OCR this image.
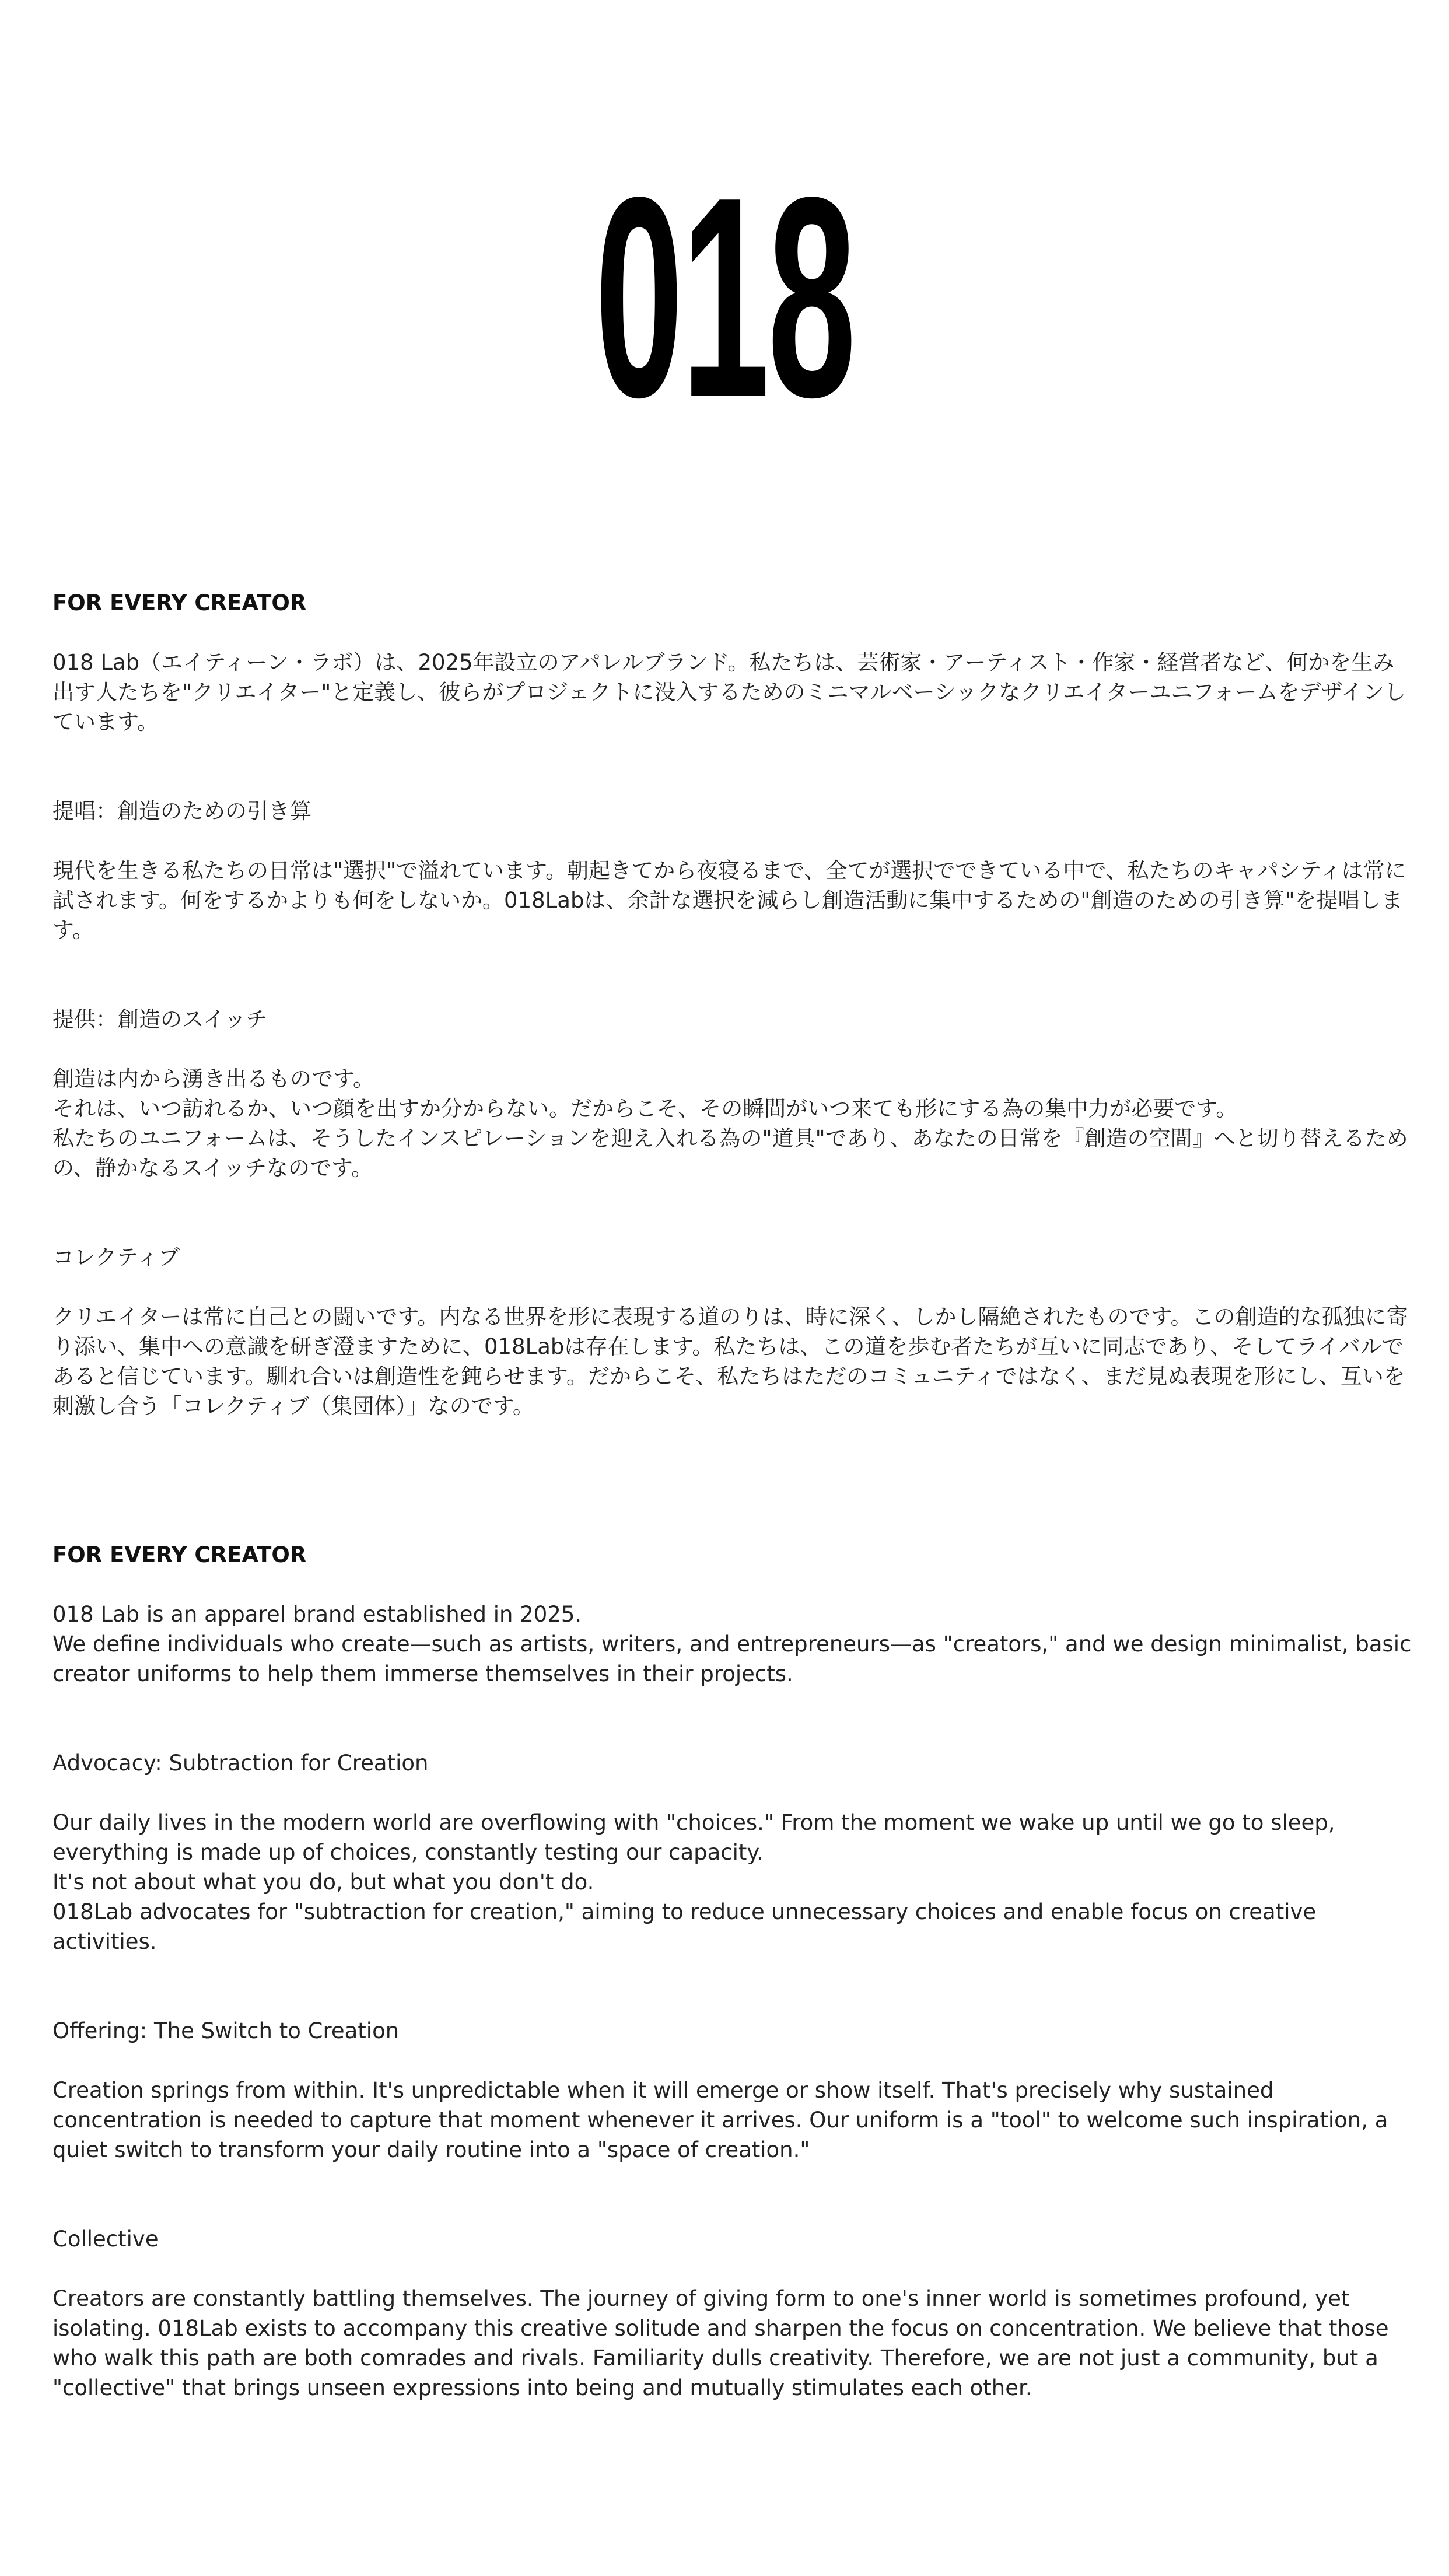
018
FOR EVERY CREATOR

018 Lab（エイティーン・ラボ）は、2025年設立のアパレルブランド。私たちは、芸術家・アーティスト・作家・経営者など、何かを生み出す人たちを"クリエイター"と定義し、彼らがプロジェクトに没入するためのミニマルベーシックなクリエイターユニフォームをデザインしています。

提唱：創造のための引き算

現代を生きる私たちの日常は"選択"で溢れています。朝起きてから夜寝るまで、全てが選択でできている中で、私たちのキャパシティは常に試されます。何をするかよりも何をしないか。018Labは、余計な選択を減らし創造活動に集中するための"創造のための引き算"を提唱します。

提供：創造のスイッチ

創造は内から湧き出るものです。

それは、いつ訪れるか、いつ顔を出すか分からない。だからこそ、その瞬間がいつ来ても形にする為の集中力が必要です。

私たちのユニフォームは、そうしたインスピレーションを迎え入れる為の"道具"であり、あなたの日常を『創造の空間』へと切り替えるための、静かなるスイッチなのです。

コレクティブ

クリエイターは常に自己との闘いです。内なる世界を形に表現する道のりは、時に深く、しかし隔絶されたものです。この創造的な孤独に寄り添い、集中への意識を研ぎ澄ますために、018Labは存在します。私たちは、この道を歩む者たちが互いに同志であり、そしてライバルであると信じています。馴れ合いは創造性を鈍らせます。だからこそ、私たちはただのコミュニティではなく、まだ見ぬ表現を形にし、互いを刺激し合う「コレクティブ（集団体）」なのです。

FOR EVERY CREATOR

018 Lab is an apparel brand established in 2025.

We define individuals who create—such as artists, writers, and entrepreneurs—as "creators," and we design minimalist, basic creator uniforms to help them immerse themselves in their projects.

Advocacy: Subtraction for Creation

Our daily lives in the modern world are overflowing with "choices." From the moment we wake up until we go to sleep, everything is made up of choices, constantly testing our capacity.

It's not about what you do, but what you don't do.

018Lab advocates for "subtraction for creation," aiming to reduce unnecessary choices and enable focus on creative activities.

Offering: The Switch to Creation

Creation springs from within. It's unpredictable when it will emerge or show itself. That's precisely why sustained concentration is needed to capture that moment whenever it arrives. Our uniform is a "tool" to welcome such inspiration, a quiet switch to transform your daily routine into a "space of creation."

Collective

Creators are constantly battling themselves. The journey of giving form to one's inner world is sometimes profound, yet isolating. 018Lab exists to accompany this creative solitude and sharpen the focus on concentration. We believe that those who walk this path are both comrades and rivals. Familiarity dulls creativity. Therefore, we are not just a community, but a "collective" that brings unseen expressions into being and mutually stimulates each other.
